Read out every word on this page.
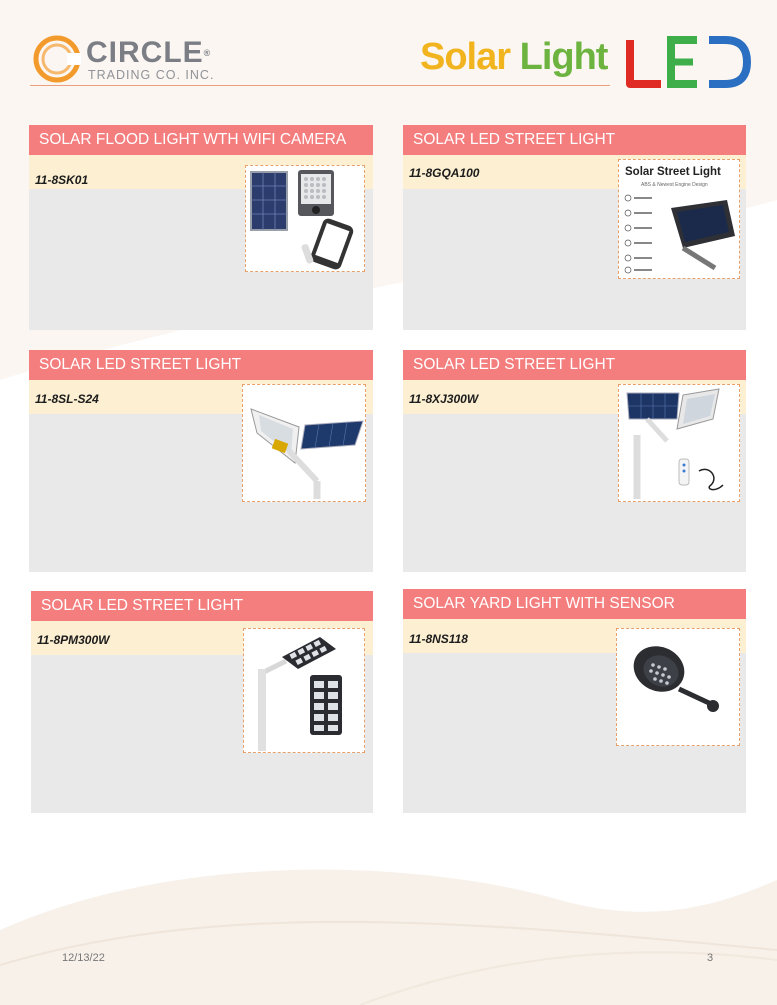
CIRCLE®
TRADING CO. INC.	Solar Light
SOLAR FLOOD LIGHT WTH WIFI CAMERA
11-8SK01
SOLAR LED STREET LIGHT
11-8GQA100	Solar Street Light
ABS & Newest Engine Design
SOLAR LED STREET LIGHT
11-8SL-S24
SOLAR LED STREET LIGHT
11-8XJ300W
SOLAR LED STREET LIGHT
11-8PM300W
SOLAR YARD LIGHT WITH SENSOR
11-8NS118
12/13/22	3
